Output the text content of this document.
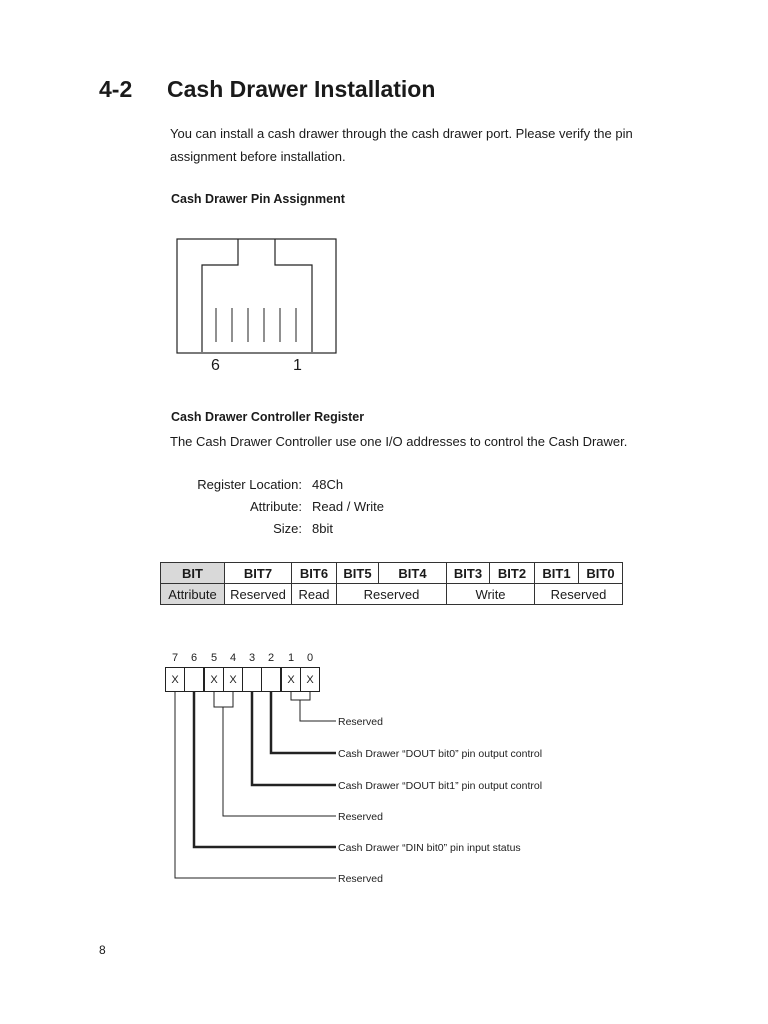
4-2 Cash Drawer Installation
You can install a cash drawer through the cash drawer port. Please verify the pin
assignment before installation.
Cash Drawer Pin Assignment
6	1
Cash Drawer Controller Register
The Cash Drawer Controller use one I/O addresses to control the Cash Drawer.
Register Location: 48Ch
Attribute: Read / Write
Size: 8bit
BIT	BIT7	BIT6	BIT5	BIT4	BIT3	BIT2	BIT1	BIT0
Attribute	Reserved	Read	Reserved		Write		Reserved	
7 6 5 4 3 2 1 0
X	X X	X X
Reserved
Cash Drawer “DOUT bit0” pin output control
Cash Drawer “DOUT bit1” pin output control
Reserved
Cash Drawer “DIN bit0” pin input status
Reserved
8
